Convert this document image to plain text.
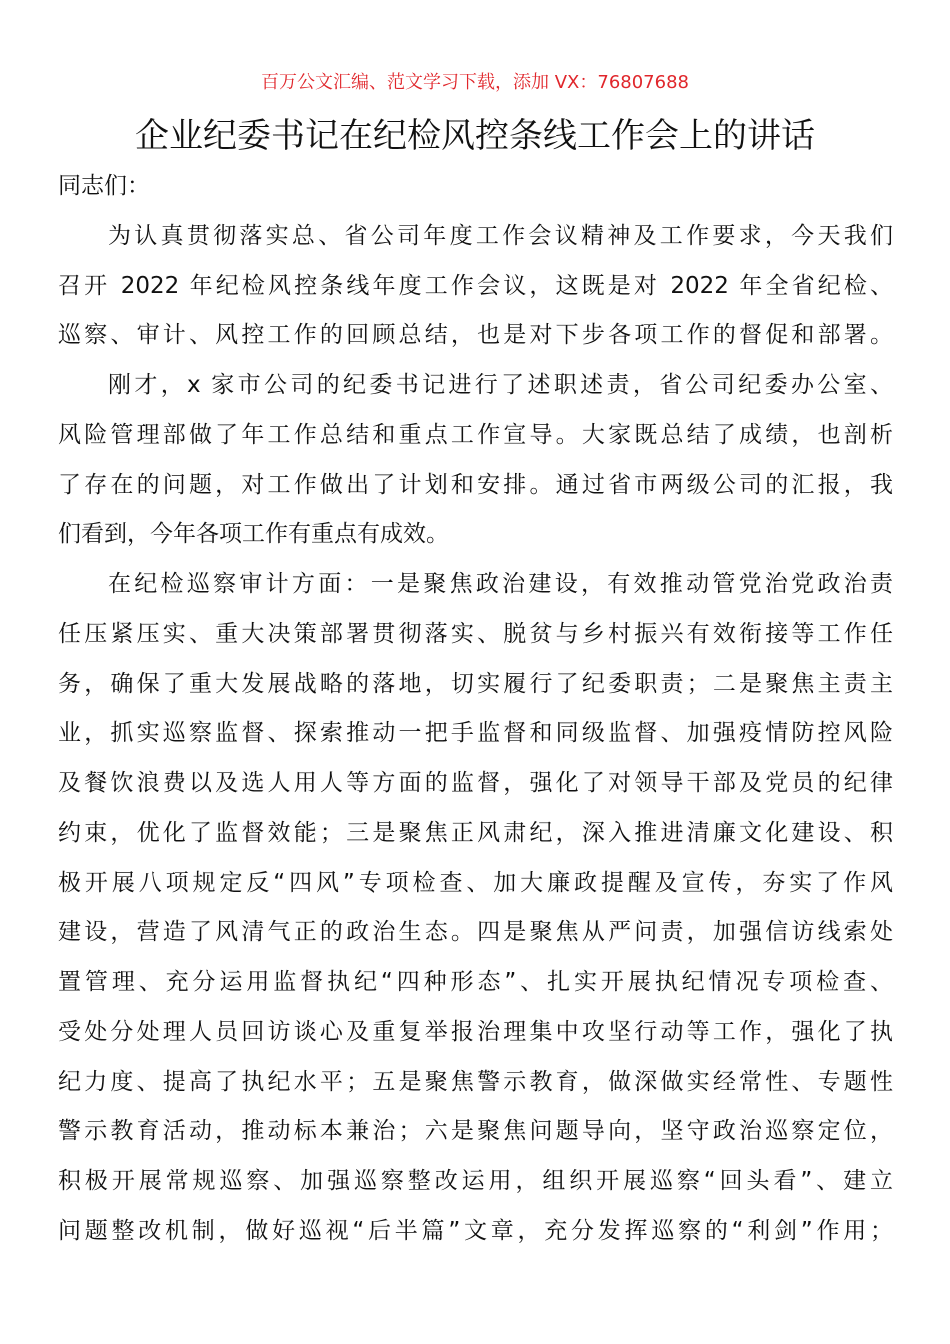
百万公文汇编、范文学习下载，添加 VX：76807688
企业纪委书记在纪检风控条线工作会上的讲话
同志们：
为认真贯彻落实总、省公司年度工作会议精神及工作要求，今天我们
召开 2022 年纪检风控条线年度工作会议，这既是对 2022 年全省纪检、
巡察、审计、风控工作的回顾总结，也是对下步各项工作的督促和部署。
刚才，x 家市公司的纪委书记进行了述职述责，省公司纪委办公室、
风险管理部做了年工作总结和重点工作宣导。大家既总结了成绩，也剖析
了存在的问题，对工作做出了计划和安排。通过省市两级公司的汇报，我
们看到，今年各项工作有重点有成效。
在纪检巡察审计方面：一是聚焦政治建设，有效推动管党治党政治责
任压紧压实、重大决策部署贯彻落实、脱贫与乡村振兴有效衔接等工作任
务，确保了重大发展战略的落地，切实履行了纪委职责；二是聚焦主责主
业，抓实巡察监督、探索推动一把手监督和同级监督、加强疫情防控风险
及餐饮浪费以及选人用人等方面的监督，强化了对领导干部及党员的纪律
约束，优化了监督效能；三是聚焦正风肃纪，深入推进清廉文化建设、积
极开展八项规定反“四风”专项检查、加大廉政提醒及宣传，夯实了作风
建设，营造了风清气正的政治生态。四是聚焦从严问责，加强信访线索处
置管理、充分运用监督执纪“四种形态”、扎实开展执纪情况专项检查、
受处分处理人员回访谈心及重复举报治理集中攻坚行动等工作，强化了执
纪力度、提高了执纪水平；五是聚焦警示教育，做深做实经常性、专题性
警示教育活动，推动标本兼治；六是聚焦问题导向，坚守政治巡察定位，
积极开展常规巡察、加强巡察整改运用，组织开展巡察“回头看”、建立
问题整改机制，做好巡视“后半篇”文章，充分发挥巡察的“利剑”作用；
